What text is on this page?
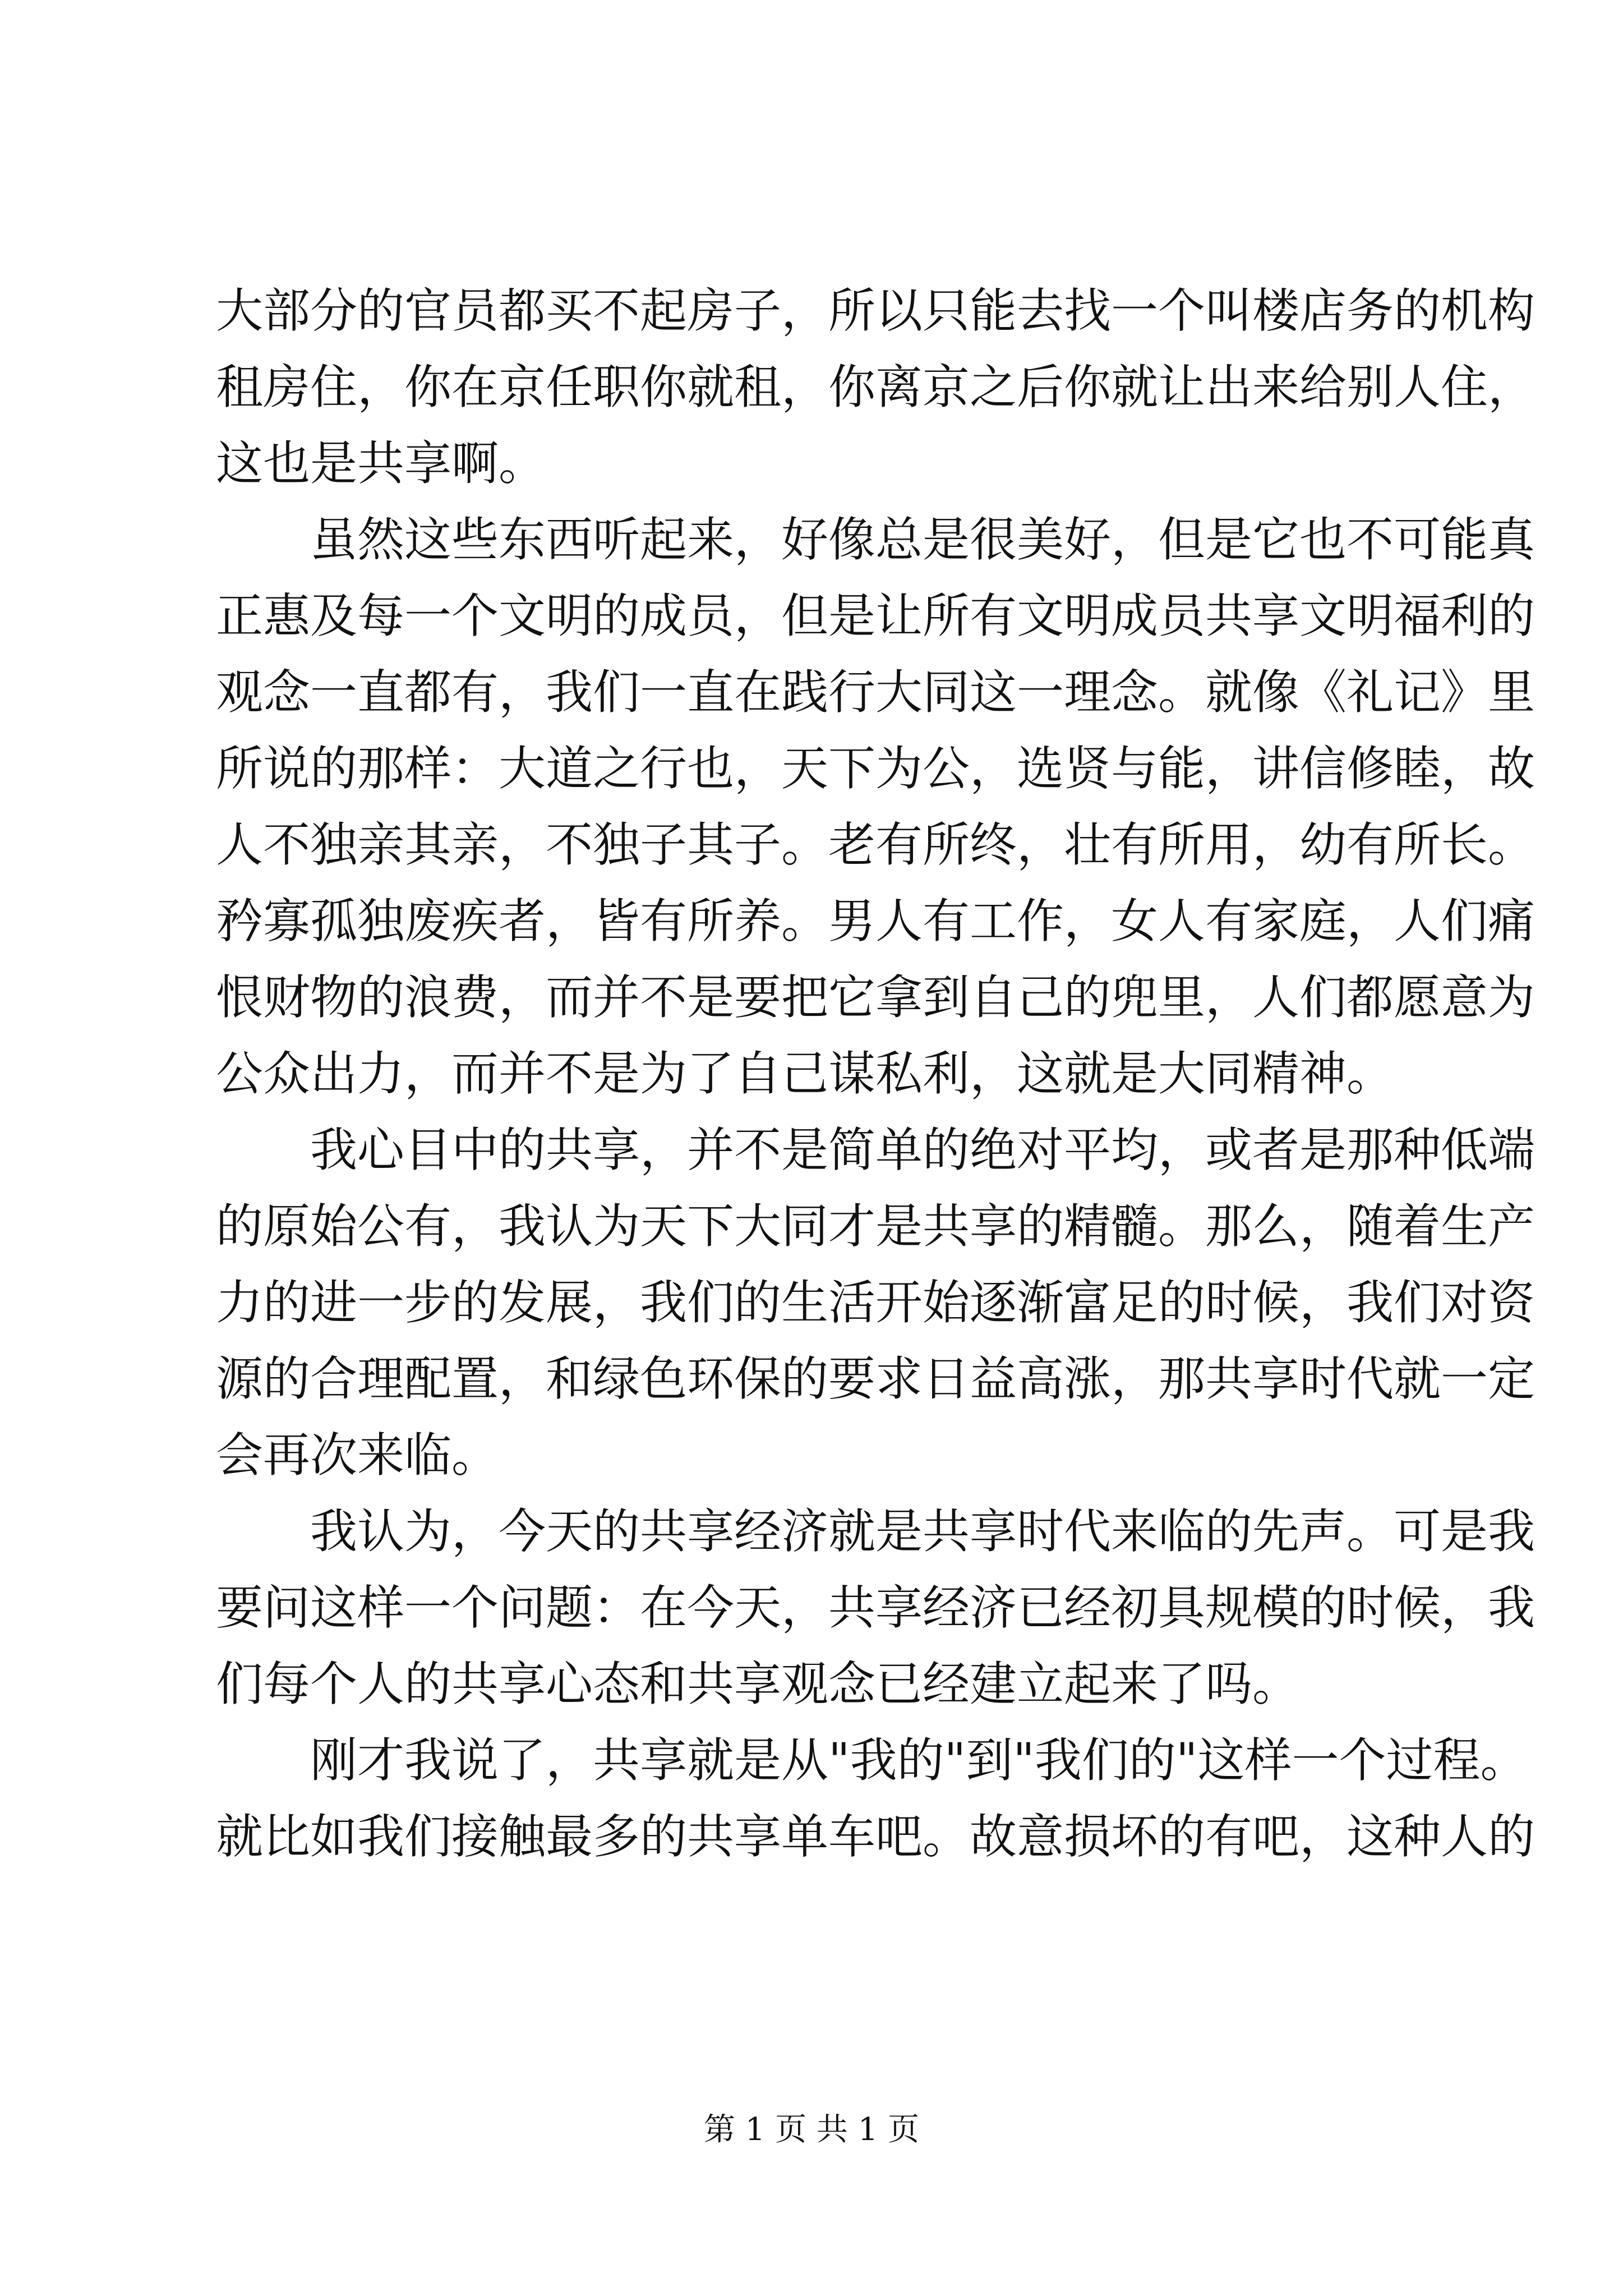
大部分的官员都买不起房子，所以只能去找一个叫楼店务的机构
租房住，你在京任职你就租，你离京之后你就让出来给别人住，
这也是共享啊。
虽然这些东西听起来，好像总是很美好，但是它也不可能真
正惠及每一个文明的成员，但是让所有文明成员共享文明福利的
观念一直都有，我们一直在践行大同这一理念。就像《礼记》里
所说的那样：大道之行也，天下为公，选贤与能，讲信修睦，故
人不独亲其亲，不独子其子。老有所终，壮有所用，幼有所长。
矜寡孤独废疾者，皆有所养。男人有工作，女人有家庭，人们痛
恨财物的浪费，而并不是要把它拿到自己的兜里，人们都愿意为
公众出力，而并不是为了自己谋私利，这就是大同精神。
我心目中的共享，并不是简单的绝对平均，或者是那种低端
的原始公有，我认为天下大同才是共享的精髓。那么，随着生产
力的进一步的发展，我们的生活开始逐渐富足的时候，我们对资
源的合理配置，和绿色环保的要求日益高涨，那共享时代就一定
会再次来临。
我认为，今天的共享经济就是共享时代来临的先声。可是我
要问这样一个问题：在今天，共享经济已经初具规模的时候，我
们每个人的共享心态和共享观念已经建立起来了吗。
刚才我说了，共享就是从"我的"到"我们的"这样一个过程。
就比如我们接触最多的共享单车吧。故意损坏的有吧，这种人的
第 1 页 共 1 页
